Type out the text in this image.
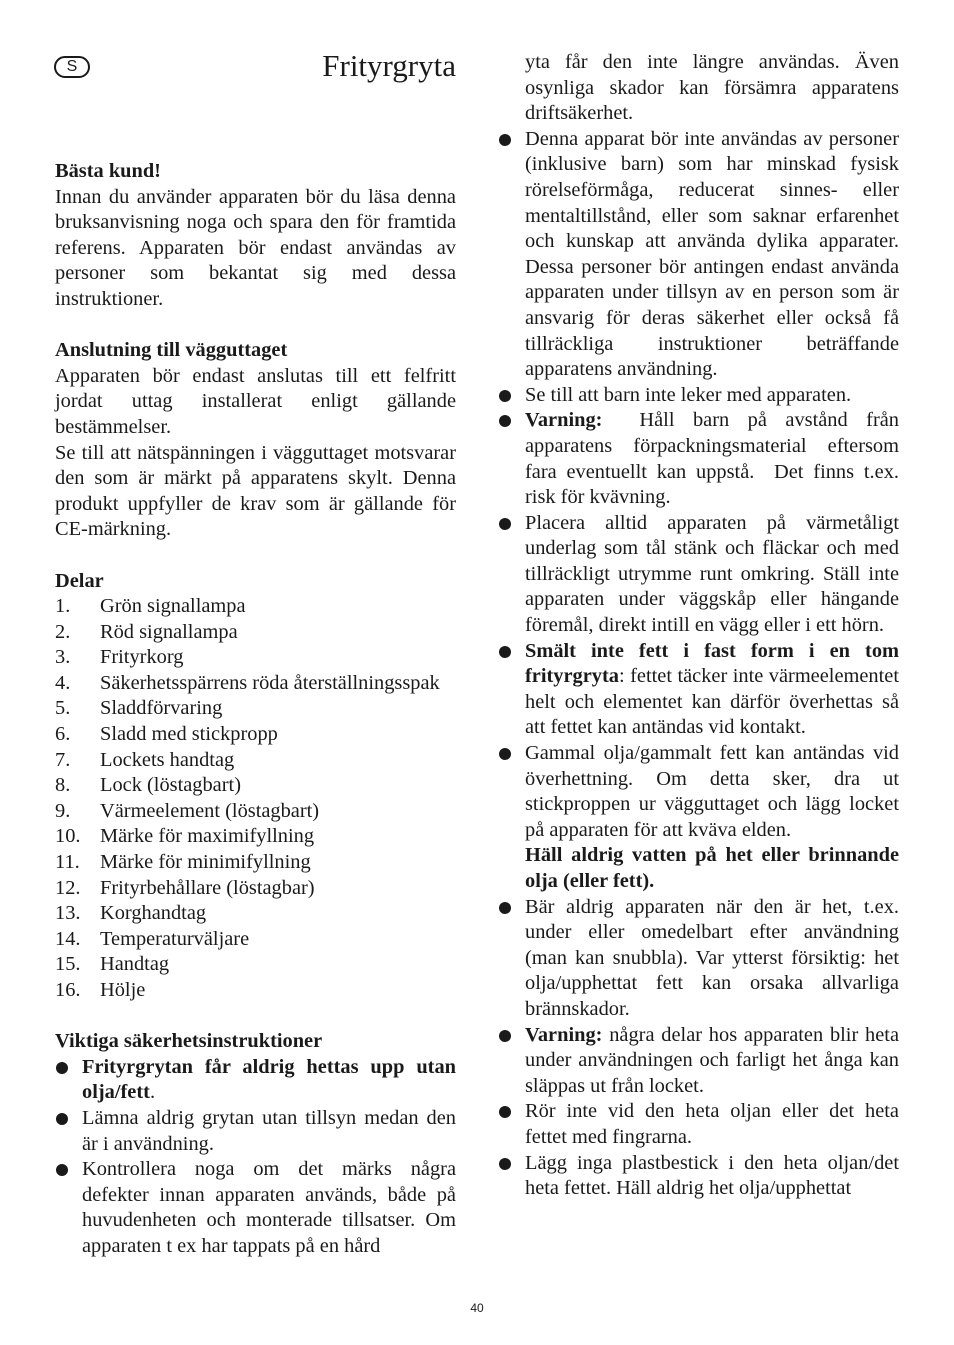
S	Frityrgryta

Bästa kund!

Innan du använder apparaten bör du läsa denna bruksanvisning noga och spara den för framtida referens. Apparaten bör endast användas av personer som bekantat sig med dessa instruktioner.

Anslutning till vägguttaget

Apparaten bör endast anslutas till ett felfritt jordat uttag installerat enligt gällande bestämmelser.

Se till att nätspänningen i vägguttaget motsvarar den som är märkt på apparatens skylt. Denna produkt uppfyller de krav som är gällande för CE-märkning.

Delar

1.	Grön signallampa
2.	Röd signallampa
3.	Frityrkorg
4.	Säkerhetsspärrens röda återställningsspak
5.	Sladdförvaring
6.	Sladd med stickpropp
7.	Lockets handtag
8.	Lock (löstagbart)
9.	Värmeelement (löstagbart)
10. Märke för maximifyllning
11. Märke för minimifyllning
12. Frityrbehållare (löstagbar)
13. Korghandtag
14. Temperaturväljare
15. Handtag
16. Hölje

Viktiga säkerhetsinstruktioner

Frityrgrytan får aldrig hettas upp utan olja/fett.
Lämna aldrig grytan utan tillsyn medan den är i användning.
Kontrollera noga om det märks några defekter innan apparaten används, både på huvudenheten och monterade tillsatser. Om apparaten t ex har tappats på en hård
yta får den inte längre användas. Även osynliga skador kan försämra apparatens driftsäkerhet.
Denna apparat bör inte användas av personer (inklusive barn) som har minskad fysisk rörelseförmåga, reducerat sinnes- eller mentaltillstånd, eller som saknar erfarenhet och kunskap att använda dylika apparater. Dessa personer bör antingen endast använda apparaten under tillsyn av en person som är ansvarig för deras säkerhet eller också få tillräckliga instruktioner beträffande apparatens användning.
Se till att barn inte leker med apparaten.
Varning:  Håll barn på avstånd från apparatens förpackningsmaterial eftersom fara eventuellt kan uppstå.  Det finns t.ex. risk för kvävning.
Placera alltid apparaten på värmetåligt underlag som tål stänk och fläckar och med tillräckligt utrymme runt omkring. Ställ inte apparaten under väggskåp eller hängande föremål, direkt intill en vägg eller i ett hörn.
Smält inte fett i fast form i en tom frityrgryta: fettet täcker inte värmeelementet helt och elementet kan därför överhettas så att fettet kan antändas vid kontakt.
Gammal olja/gammalt fett kan antändas vid överhettning. Om detta sker, dra ut stickproppen ur vägguttaget och lägg locket på apparaten för att kväva elden.
Häll aldrig vatten på het eller brinnande olja (eller fett).
Bär aldrig apparaten när den är het, t.ex. under eller omedelbart efter användning (man kan snubbla). Var ytterst försiktig: het olja/upphettat fett kan orsaka allvarliga brännskador.
Varning: några delar hos apparaten blir heta under användningen och farligt het ånga kan släppas ut från locket.
Rör inte vid den heta oljan eller det heta fettet med fingrarna.
Lägg inga plastbestick i den heta oljan/det heta fettet. Häll aldrig het olja/upphettat
40
